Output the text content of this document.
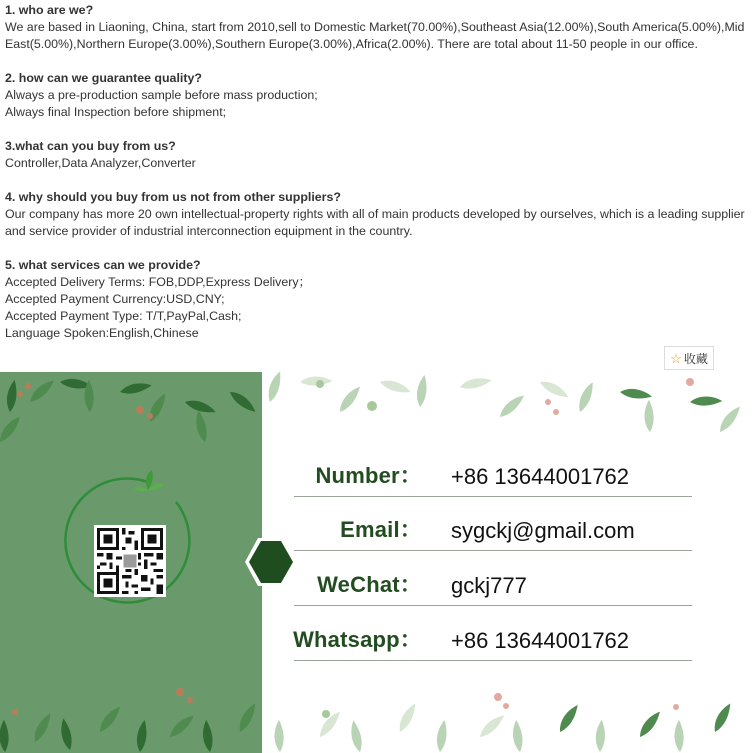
1. who are we?
We are based in Liaoning, China, start from 2010,sell to Domestic Market(70.00%),Southeast Asia(12.00%),South America(5.00%),Mid East(5.00%),Northern Europe(3.00%),Southern Europe(3.00%),Africa(2.00%). There are total about 11-50 people in our office.
2. how can we guarantee quality?
Always a pre-production sample before mass production;
Always final Inspection before shipment;
3.what can you buy from us?
Controller,Data Analyzer,Converter
4. why should you buy from us not from other suppliers?
Our company has more 20 own intellectual-property rights with all of main products developed by ourselves, which is a leading supplier and service provider of industrial interconnection equipment in the country.
5. what services can we provide?
Accepted Delivery Terms: FOB,DDP,Express Delivery；
Accepted Payment Currency:USD,CNY;
Accepted Payment Type: T/T,PayPal,Cash;
Language Spoken:English,Chinese
☆ 收藏
Number： +86 13644001762
Email： sygckj@gmail.com
WeChat： gckj777
Whatsapp： +86 13644001762
